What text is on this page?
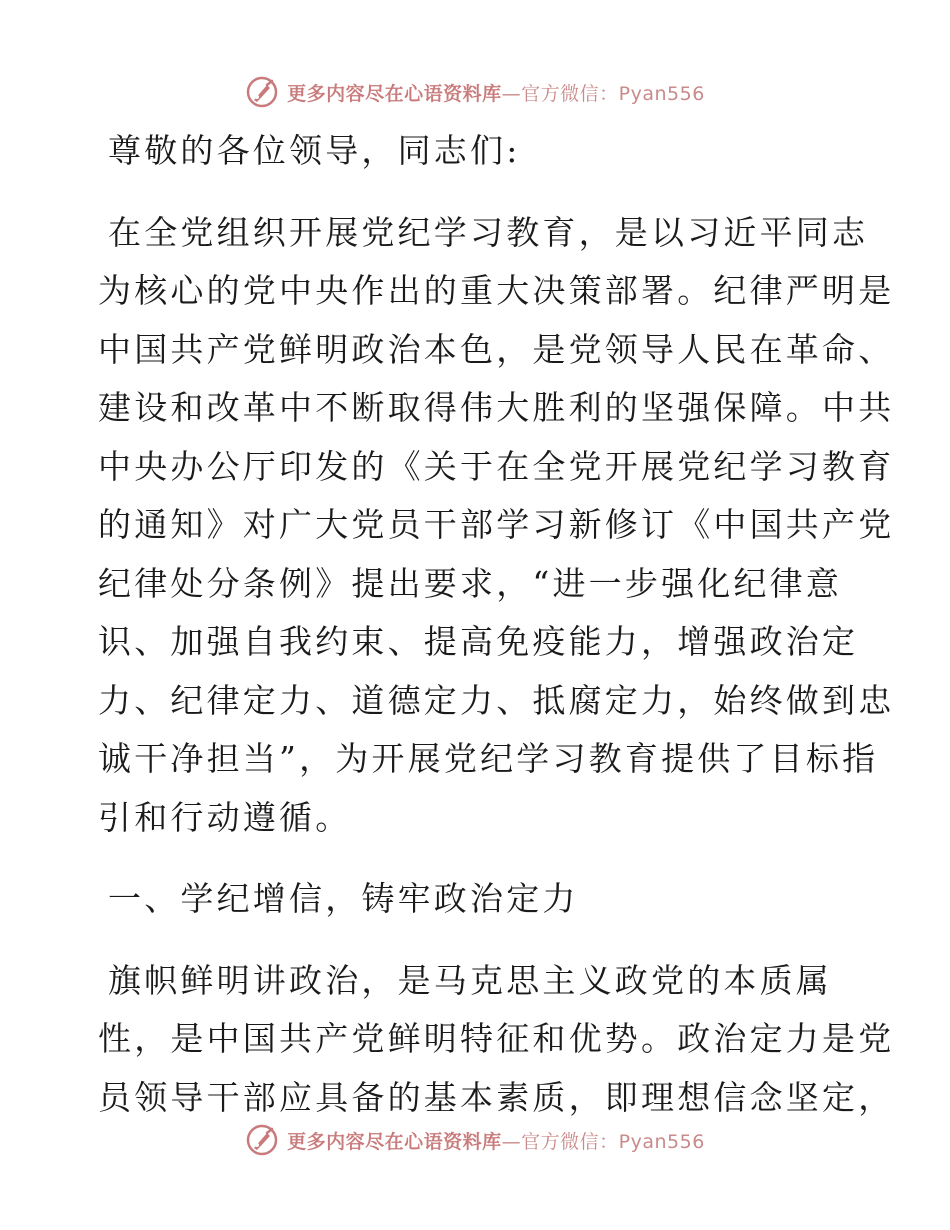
更多内容尽在心语资料库—官方微信：Pyan556
尊敬的各位领导，同志们:
在全党组织开展党纪学习教育，是以习近平同志
为核心的党中央作出的重大决策部署。纪律严明是
中国共产党鲜明政治本色，是党领导人民在革命、
建设和改革中不断取得伟大胜利的坚强保障。中共
中央办公厅印发的《关于在全党开展党纪学习教育
的通知》对广大党员干部学习新修订《中国共产党
纪律处分条例》提出要求，“进一步强化纪律意
识、加强自我约束、提高免疫能力，增强政治定
力、纪律定力、道德定力、抵腐定力，始终做到忠
诚干净担当”，为开展党纪学习教育提供了目标指
引和行动遵循。
一、学纪增信，铸牢政治定力
旗帜鲜明讲政治，是马克思主义政党的本质属
性，是中国共产党鲜明特征和优势。政治定力是党
员领导干部应具备的基本素质，即理想信念坚定，
更多内容尽在心语资料库—官方微信：Pyan556
